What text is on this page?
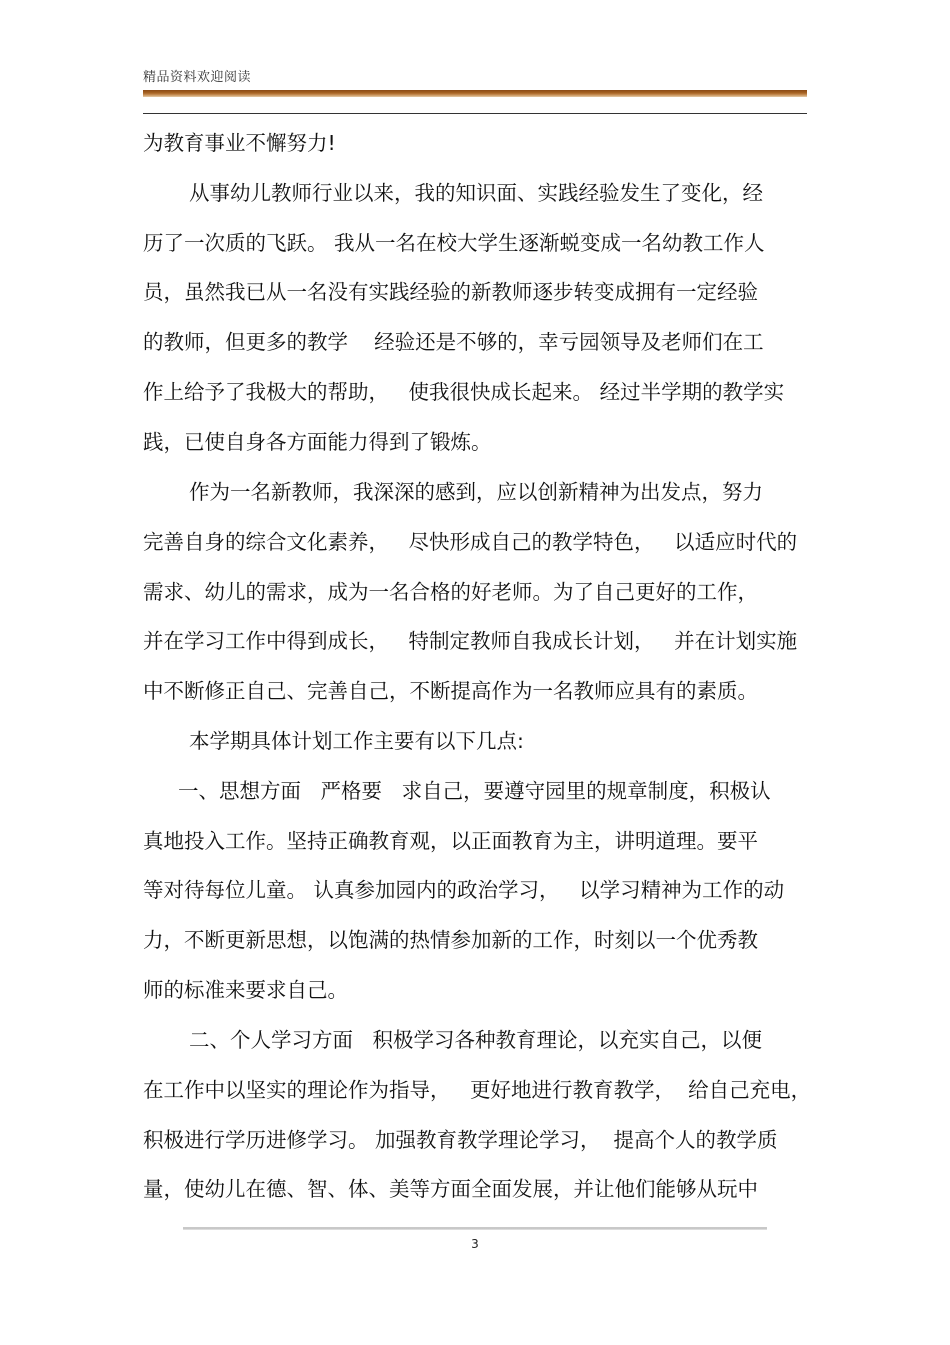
精品资料欢迎阅读
为教育事业不懈努力!
从事幼儿教师行业以来，我的知识面、实践经验发生了变化，经
历了一次质的飞跃。 我从一名在校大学生逐渐蜕变成一名幼教工作人
员，虽然我已从一名没有实践经验的新教师逐步转变成拥有一定经验
的教师，但更多的教学    经验还是不够的，幸亏园领导及老师们在工
作上给予了我极大的帮助，   使我很快成长起来。 经过半学期的教学实
践，已使自身各方面能力得到了锻炼。
作为一名新教师，我深深的感到，应以创新精神为出发点，努力
完善自身的综合文化素养，   尽快形成自己的教学特色，   以适应时代的
需求、幼儿的需求，成为一名合格的好老师。为了自己更好的工作，
并在学习工作中得到成长，   特制定教师自我成长计划，   并在计划实施
中不断修正自己、完善自己，不断提高作为一名教师应具有的素质。
本学期具体计划工作主要有以下几点:
一、思想方面   严格要   求自己，要遵守园里的规章制度，积极认
真地投入工作。坚持正确教育观，以正面教育为主，讲明道理。要平
等对待每位儿童。 认真参加园内的政治学习，   以学习精神为工作的动
力，不断更新思想，以饱满的热情参加新的工作，时刻以一个优秀教
师的标准来要求自己。
二、个人学习方面   积极学习各种教育理论，以充实自己，以便
在工作中以坚实的理论作为指导，   更好地进行教育教学，  给自己充电，
积极进行学历进修学习。 加强教育教学理论学习，  提高个人的教学质
量，使幼儿在德、智、体、美等方面全面发展，并让他们能够从玩中
3
